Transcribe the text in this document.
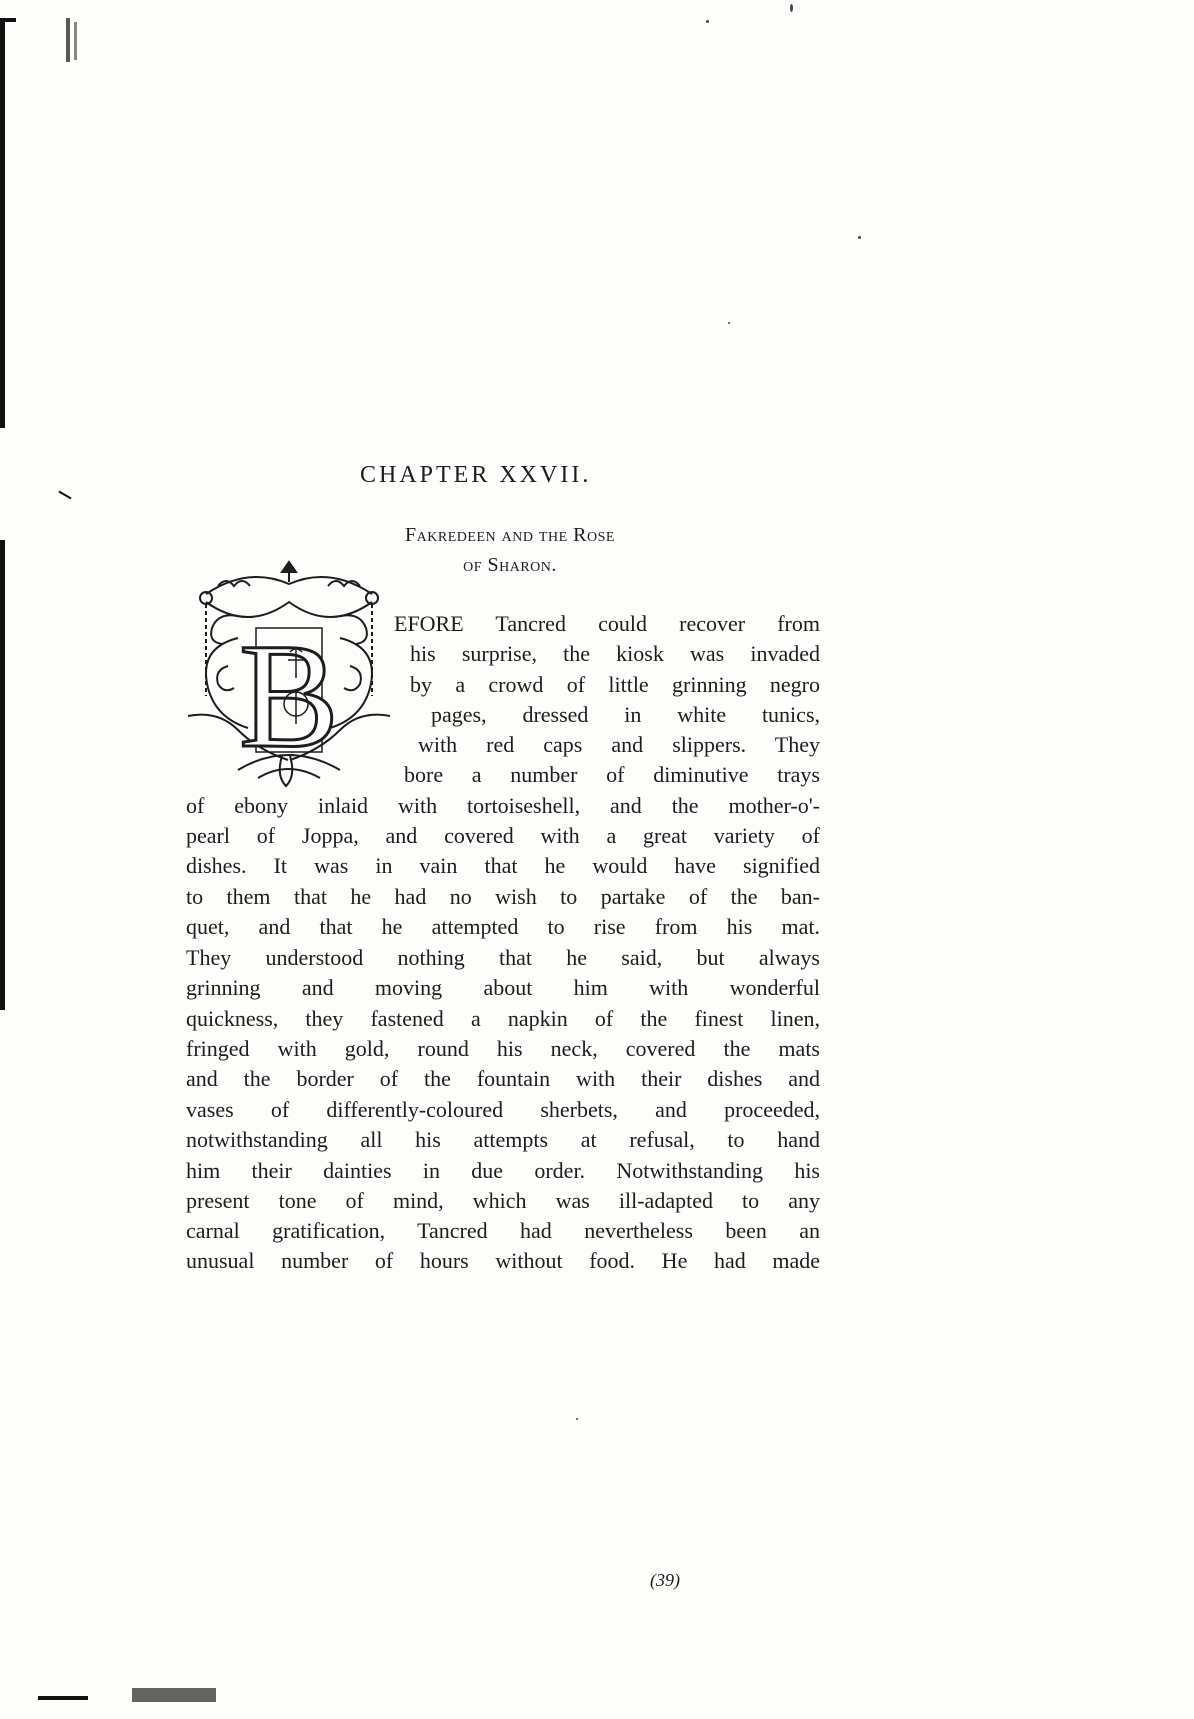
CHAPTER XXVII.
Fakredeen and the Rose
of Sharon.
B EFORE Tancred could recover from
his surprise, the kiosk was invaded
by a crowd of little grinning negro
pages, dressed in white tunics,
with red caps and slippers. They
bore a number of diminutive trays
of ebony inlaid with tortoiseshell, and the mother-o'-
pearl of Joppa, and covered with a great variety of
dishes. It was in vain that he would have signified
to them that he had no wish to partake of the ban-
quet, and that he attempted to rise from his mat.
They understood nothing that he said, but always
grinning and moving about him with wonderful
quickness, they fastened a napkin of the finest linen,
fringed with gold, round his neck, covered the mats
and the border of the fountain with their dishes and
vases of differently-coloured sherbets, and proceeded,
notwithstanding all his attempts at refusal, to hand
him their dainties in due order. Notwithstanding his
present tone of mind, which was ill-adapted to any
carnal gratification, Tancred had nevertheless been an
unusual number of hours without food. He had made
(39)
